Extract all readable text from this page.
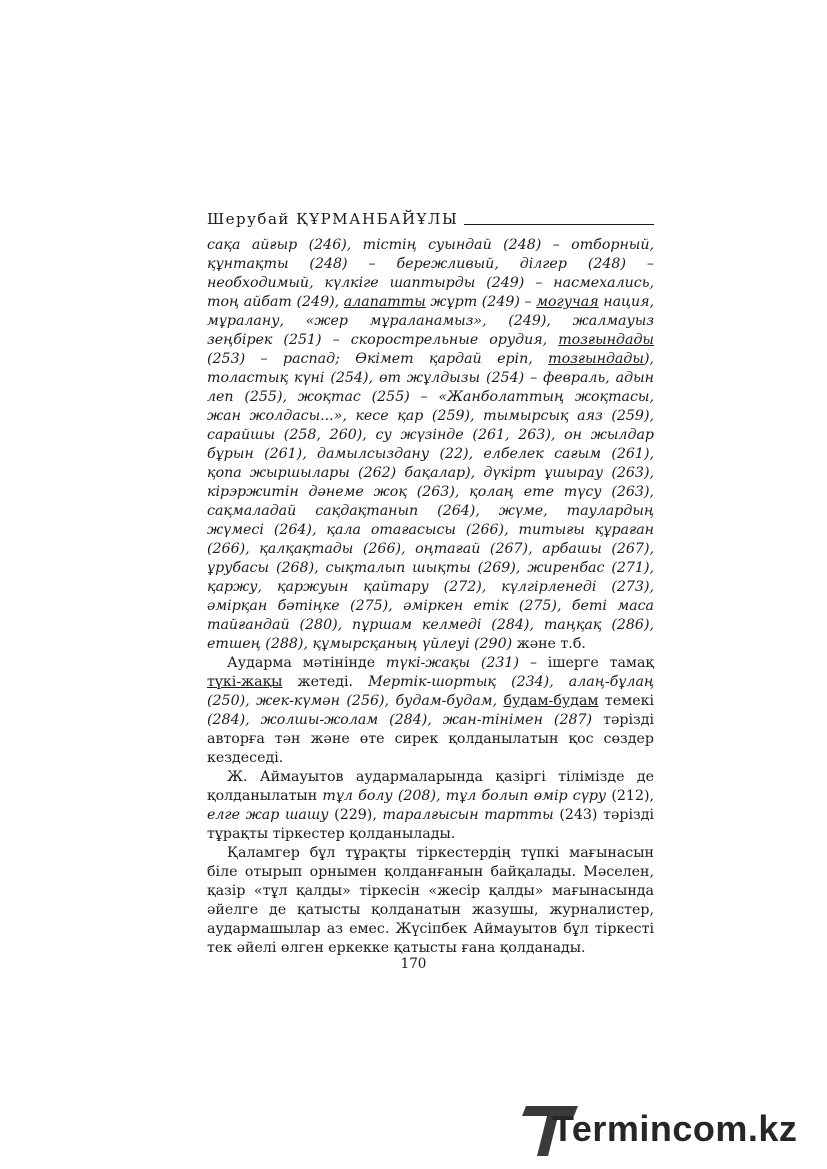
Шерубай ҚҰРМАНБАЙҰЛЫ

сақа айғыр (246), тістің суындай (248) – отборный, құнтақты (248) – бережливый, ділгер (248) – необходимый, күлкіге шаптырды (249) – насмехались, тоң айбат (249), алапатты жұрт (249) – могучая нация, мұралану, «жер мұраланамыз», (249), жалмауыз зеңбірек (251) – скорострельные орудия, тозғындады (253) – распад; Өкімет қардай еріп, тозғындады), толастық күні (254), өт жұлдызы (254) – февраль, адын леп (255), жоқтас (255) – «Жанболаттың жоқтасы, жан жолдасы...», кесе қар (259), тымырсық аяз (259), сарайшы (258, 260), су жүзінде (261, 263), он жылдар бұрын (261), дамылсыздану (22), елбелек сағым (261), қопа жыршылары (262) бақалар), дүкірт ұшырау (263), кірэржитін дәнеме жоқ (263), қолаң ете түсу (263), сақмаладай сақдақтанып (264), жүме, таулардың жүмесі (264), қала отағасысы (266), титығы құраған (266), қалқақтады (266), оңтағай (267), арбашы (267), ұрубасы (268), сықталып шықты (269), жиренбас (271), қаржу, қаржуын қайтару (272), күлгірленеді (273), әмірқан бәтіңке (275), әміркен етік (275), беті маса тайғандай (280), пұршам келмеді (284), таңқақ (286), етшең (288), құмырсқаның үйлеуі (290) және т.б.

Аударма мәтінінде түкі-жақы (231) – ішерге тамақ түкі-жақы жетеді. Мертік-шортық (234), алаң-бұлаң (250), жек-күмән (256), будам-будам, будам-будам темекі (284), жолшы-жолам (284), жан-тінімен (287) тәрізді авторға тән және өте сирек қолданылатын қос сөздер кездеседі.

Ж. Аймауытов аудармаларында қазіргі тілімізде де қолданылатын тұл болу (208), тұл болып өмір сүру (212), елге жар шашу (229), таралғысын тартты (243) тәрізді тұрақты тіркестер қолданылады.

Қаламгер бұл тұрақты тіркестердің түпкі мағынасын біле отырып орнымен қолданғанын байқалады. Мәселен, қазір «тұл қалды» тіркесін «жесір қалды» мағынасында әйелге де қатысты қолданатын жазушы, журналистер, аудармашылар аз емес. Жүсіпбек Аймауытов бұл тіркесті тек әйелі өлген еркекке қатысты ғана қолданады.

170
Termincom.kz
